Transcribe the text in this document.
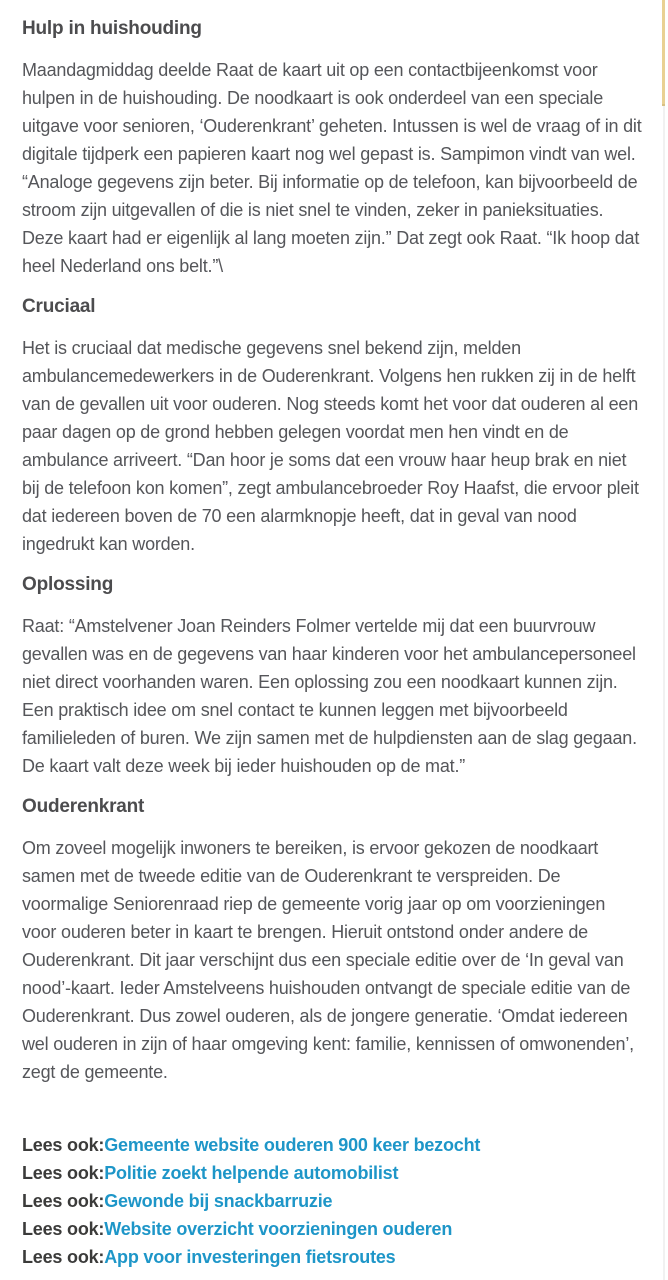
Hulp in huishouding

Maandagmiddag deelde Raat de kaart uit op een contactbijeenkomst voor hulpen in de huishouding. De noodkaart is ook onderdeel van een speciale uitgave voor senioren, ‘Ouderenkrant’ geheten. Intussen is wel de vraag of in dit digitale tijdperk een papieren kaart nog wel gepast is. Sampimon vindt van wel. “Analoge gegevens zijn beter. Bij informatie op de telefoon, kan bijvoorbeeld de stroom zijn uitgevallen of die is niet snel te vinden, zeker in panieksituaties. Deze kaart had er eigenlijk al lang moeten zijn.” Dat zegt ook Raat. “Ik hoop dat heel Nederland ons belt.”\

Cruciaal

Het is cruciaal dat medische gegevens snel bekend zijn, melden ambulancemedewerkers in de Ouderenkrant. Volgens hen rukken zij in de helft van de gevallen uit voor ouderen. Nog steeds komt het voor dat ouderen al een paar dagen op de grond hebben gelegen voordat men hen vindt en de ambulance arriveert. “Dan hoor je soms dat een vrouw haar heup brak en niet bij de telefoon kon komen”, zegt ambulancebroeder Roy Haafst, die ervoor pleit dat iedereen boven de 70 een alarmknopje heeft, dat in geval van nood ingedrukt kan worden.

Oplossing

Raat: “Amstelvener Joan Reinders Folmer vertelde mij dat een buurvrouw gevallen was en de gegevens van haar kinderen voor het ambulancepersoneel niet direct voorhanden waren. Een oplossing zou een noodkaart kunnen zijn. Een praktisch idee om snel contact te kunnen leggen met bijvoorbeeld familieleden of buren. We zijn samen met de hulpdiensten aan de slag gegaan. De kaart valt deze week bij ieder huishouden op de mat.”

Ouderenkrant

Om zoveel mogelijk inwoners te bereiken, is ervoor gekozen de noodkaart samen met de tweede editie van de Ouderenkrant te verspreiden. De voormalige Seniorenraad riep de gemeente vorig jaar op om voorzieningen voor ouderen beter in kaart te brengen. Hieruit ontstond onder andere de Ouderenkrant. Dit jaar verschijnt dus een speciale editie over de ‘In geval van nood’-kaart. Ieder Amstelveens huishouden ontvangt de speciale editie van de Ouderenkrant. Dus zowel ouderen, als de jongere generatie. ‘Omdat iedereen wel ouderen in zijn of haar omgeving kent: familie, kennissen of omwonenden’, zegt de gemeente.

Lees ook:Gemeente website ouderen 900 keer bezocht

Lees ook:Politie zoekt helpende automobilist

Lees ook:Gewonde bij snackbarruzie

Lees ook:Website overzicht voorzieningen ouderen

Lees ook:App voor investeringen fietsroutes
